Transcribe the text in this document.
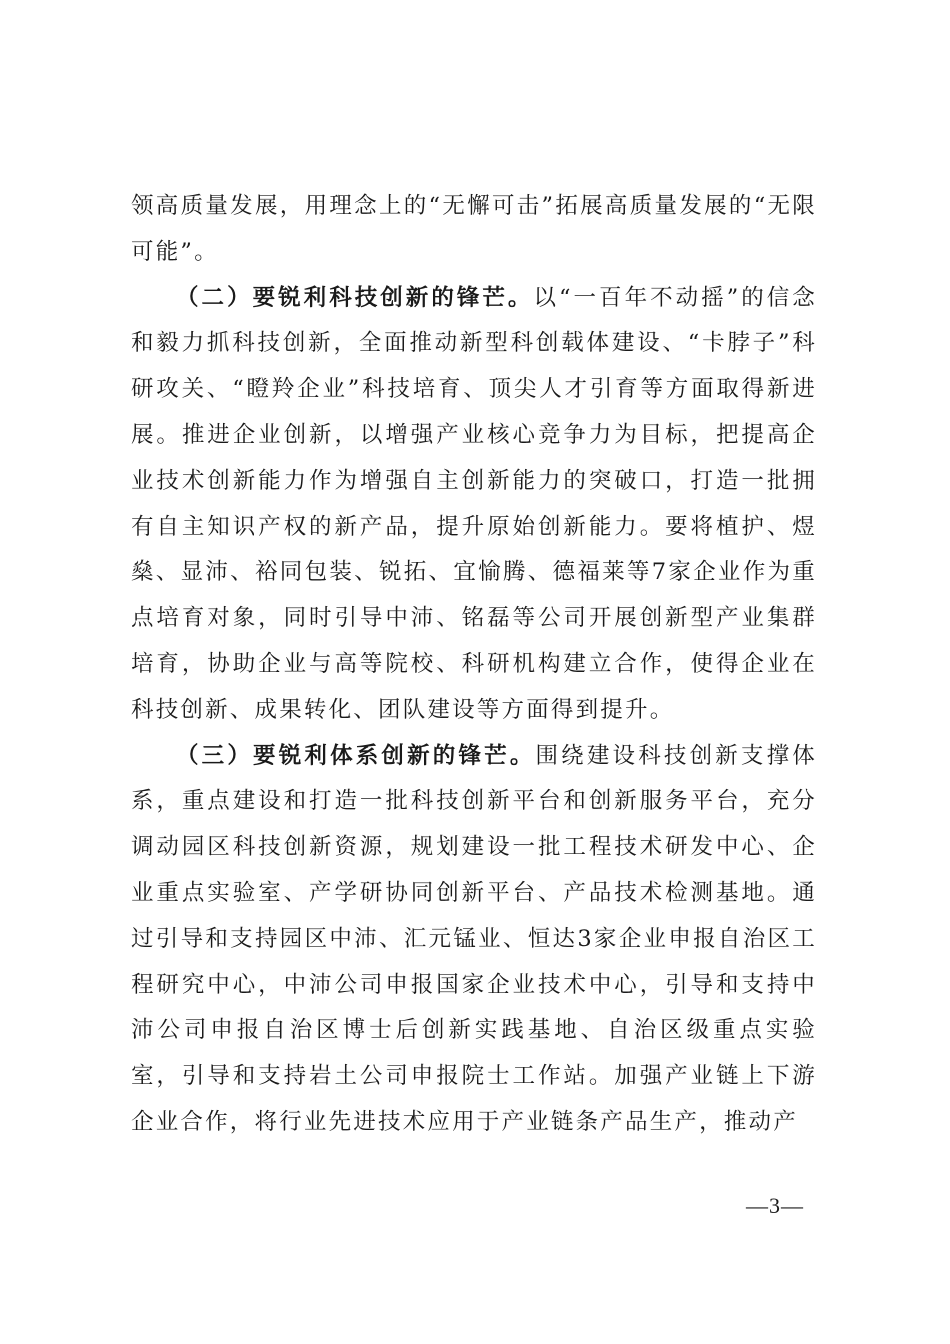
领高质量发展，用理念上的“无懈可击”拓展高质量发展的“无限可能”。

（二）要锐利科技创新的锋芒。以“一百年不动摇”的信念和毅力抓科技创新，全面推动新型科创载体建设、“卡脖子”科研攻关、“瞪羚企业”科技培育、顶尖人才引育等方面取得新进展。推进企业创新，以增强产业核心竞争力为目标，把提高企业技术创新能力作为增强自主创新能力的突破口，打造一批拥有自主知识产权的新产品，提升原始创新能力。要将植护、煜燊、显沛、裕同包装、锐拓、宜愉腾、德福莱等7家企业作为重点培育对象，同时引导中沛、铭磊等公司开展创新型产业集群培育，协助企业与高等院校、科研机构建立合作，使得企业在科技创新、成果转化、团队建设等方面得到提升。

（三）要锐利体系创新的锋芒。围绕建设科技创新支撑体系，重点建设和打造一批科技创新平台和创新服务平台，充分调动园区科技创新资源，规划建设一批工程技术研发中心、企业重点实验室、产学研协同创新平台、产品技术检测基地。通过引导和支持园区中沛、汇元锰业、恒达3家企业申报自治区工程研究中心，中沛公司申报国家企业技术中心，引导和支持中沛公司申报自治区博士后创新实践基地、自治区级重点实验室，引导和支持岩土公司申报院士工作站。加强产业链上下游企业合作，将行业先进技术应用于产业链条产品生产，推动产

—3—
